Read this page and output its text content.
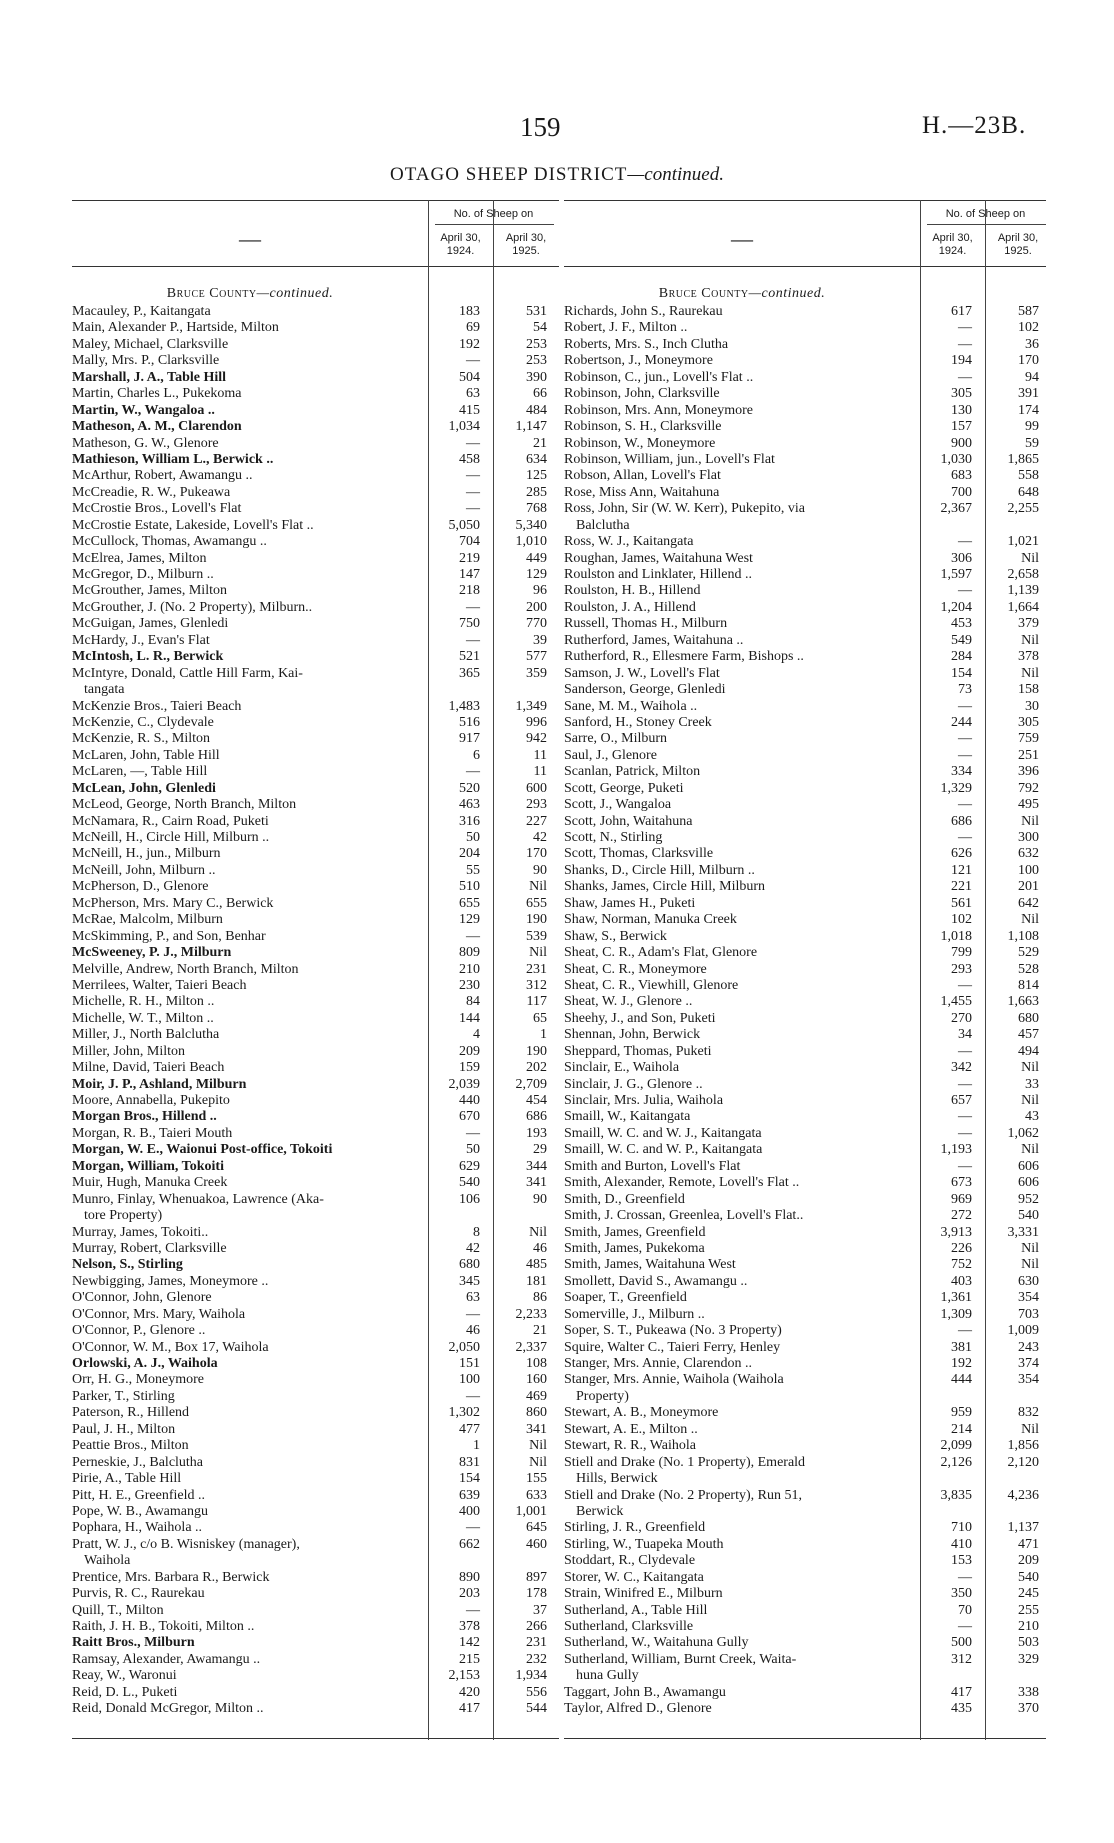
159	H.—23B.
OTAGO SHEEP DISTRICT—continued.
—
No. of Sheep on
April 30, 1924.
April 30, 1925.
Bruce County—continued.
Macauley, P., Kaitangata	183	531
Main, Alexander P., Hartside, Milton	69	54
Maley, Michael, Clarksville	192	253
Mally, Mrs. P., Clarksville	—	253
Marshall, J. A., Table Hill	504	390
Martin, Charles L., Pukekoma	63	66
Martin, W., Wangaloa ..	415	484
Matheson, A. M., Clarendon	1,034	1,147
Matheson, G. W., Glenore	—	21
Mathieson, William L., Berwick ..	458	634
McArthur, Robert, Awamangu ..	—	125
McCreadie, R. W., Pukeawa	—	285
McCrostie Bros., Lovell's Flat	—	768
McCrostie Estate, Lakeside, Lovell's Flat ..	5,050	5,340
McCullock, Thomas, Awamangu ..	704	1,010
McElrea, James, Milton	219	449
McGregor, D., Milburn ..	147	129
McGrouther, James, Milton	218	96
McGrouther, J. (No. 2 Property), Milburn..	—	200
McGuigan, James, Glenledi	750	770
McHardy, J., Evan's Flat	—	39
McIntosh, L. R., Berwick	521	577
McIntyre, Donald, Cattle Hill Farm, Kai-	365	359
tangata
McKenzie Bros., Taieri Beach	1,483	1,349
McKenzie, C., Clydevale	516	996
McKenzie, R. S., Milton	917	942
McLaren, John, Table Hill	6	11
McLaren, —, Table Hill	—	11
McLean, John, Glenledi	520	600
McLeod, George, North Branch, Milton	463	293
McNamara, R., Cairn Road, Puketi	316	227
McNeill, H., Circle Hill, Milburn ..	50	42
McNeill, H., jun., Milburn	204	170
McNeill, John, Milburn ..	55	90
McPherson, D., Glenore	510	Nil
McPherson, Mrs. Mary C., Berwick	655	655
McRae, Malcolm, Milburn	129	190
McSkimming, P., and Son, Benhar	—	539
McSweeney, P. J., Milburn	809	Nil
Melville, Andrew, North Branch, Milton	210	231
Merrilees, Walter, Taieri Beach	230	312
Michelle, R. H., Milton ..	84	117
Michelle, W. T., Milton ..	144	65
Miller, J., North Balclutha	4	1
Miller, John, Milton	209	190
Milne, David, Taieri Beach	159	202
Moir, J. P., Ashland, Milburn	2,039	2,709
Moore, Annabella, Pukepito	440	454
Morgan Bros., Hillend ..	670	686
Morgan, R. B., Taieri Mouth	—	193
Morgan, W. E., Waionui Post-office, Tokoiti	50	29
Morgan, William, Tokoiti	629	344
Muir, Hugh, Manuka Creek	540	341
Munro, Finlay, Whenuakoa, Lawrence (Aka-	106	90
tore Property)
Murray, James, Tokoiti..	8	Nil
Murray, Robert, Clarksville	42	46
Nelson, S., Stirling	680	485
Newbigging, James, Moneymore ..	345	181
O'Connor, John, Glenore	63	86
O'Connor, Mrs. Mary, Waihola	—	2,233
O'Connor, P., Glenore ..	46	21
O'Connor, W. M., Box 17, Waihola	2,050	2,337
Orlowski, A. J., Waihola	151	108
Orr, H. G., Moneymore	100	160
Parker, T., Stirling	—	469
Paterson, R., Hillend	1,302	860
Paul, J. H., Milton	477	341
Peattie Bros., Milton	1	Nil
Perneskie, J., Balclutha	831	Nil
Pirie, A., Table Hill	154	155
Pitt, H. E., Greenfield ..	639	633
Pope, W. B., Awamangu	400	1,001
Pophara, H., Waihola ..	—	645
Pratt, W. J., c/o B. Wisniskey (manager),	662	460
Waihola
Prentice, Mrs. Barbara R., Berwick	890	897
Purvis, R. C., Raurekau	203	178
Quill, T., Milton	—	37
Raith, J. H. B., Tokoiti, Milton ..	378	266
Raitt Bros., Milburn	142	231
Ramsay, Alexander, Awamangu ..	215	232
Reay, W., Waronui	2,153	1,934
Reid, D. L., Puketi	420	556
Reid, Donald McGregor, Milton ..	417	544
—
No. of Sheep on
April 30, 1924.
April 30, 1925.
Bruce County—continued.
Richards, John S., Raurekau	617	587
Robert, J. F., Milton ..	—	102
Roberts, Mrs. S., Inch Clutha	—	36
Robertson, J., Moneymore	194	170
Robinson, C., jun., Lovell's Flat ..	—	94
Robinson, John, Clarksville	305	391
Robinson, Mrs. Ann, Moneymore	130	174
Robinson, S. H., Clarksville	157	99
Robinson, W., Moneymore	900	59
Robinson, William, jun., Lovell's Flat	1,030	1,865
Robson, Allan, Lovell's Flat	683	558
Rose, Miss Ann, Waitahuna	700	648
Ross, John, Sir (W. W. Kerr), Pukepito, via	2,367	2,255
Balclutha
Ross, W. J., Kaitangata	—	1,021
Roughan, James, Waitahuna West	306	Nil
Roulston and Linklater, Hillend ..	1,597	2,658
Roulston, H. B., Hillend	—	1,139
Roulston, J. A., Hillend	1,204	1,664
Russell, Thomas H., Milburn	453	379
Rutherford, James, Waitahuna ..	549	Nil
Rutherford, R., Ellesmere Farm, Bishops ..	284	378
Samson, J. W., Lovell's Flat	154	Nil
Sanderson, George, Glenledi	73	158
Sane, M. M., Waihola ..	—	30
Sanford, H., Stoney Creek	244	305
Sarre, O., Milburn	—	759
Saul, J., Glenore	—	251
Scanlan, Patrick, Milton	334	396
Scott, George, Puketi	1,329	792
Scott, J., Wangaloa	—	495
Scott, John, Waitahuna	686	Nil
Scott, N., Stirling	—	300
Scott, Thomas, Clarksville	626	632
Shanks, D., Circle Hill, Milburn ..	121	100
Shanks, James, Circle Hill, Milburn	221	201
Shaw, James H., Puketi	561	642
Shaw, Norman, Manuka Creek	102	Nil
Shaw, S., Berwick	1,018	1,108
Sheat, C. R., Adam's Flat, Glenore	799	529
Sheat, C. R., Moneymore	293	528
Sheat, C. R., Viewhill, Glenore	—	814
Sheat, W. J., Glenore ..	1,455	1,663
Sheehy, J., and Son, Puketi	270	680
Shennan, John, Berwick	34	457
Sheppard, Thomas, Puketi	—	494
Sinclair, E., Waihola	342	Nil
Sinclair, J. G., Glenore ..	—	33
Sinclair, Mrs. Julia, Waihola	657	Nil
Smaill, W., Kaitangata	—	43
Smaill, W. C. and W. J., Kaitangata	—	1,062
Smaill, W. C. and W. P., Kaitangata	1,193	Nil
Smith and Burton, Lovell's Flat	—	606
Smith, Alexander, Remote, Lovell's Flat ..	673	606
Smith, D., Greenfield	969	952
Smith, J. Crossan, Greenlea, Lovell's Flat..	272	540
Smith, James, Greenfield	3,913	3,331
Smith, James, Pukekoma	226	Nil
Smith, James, Waitahuna West	752	Nil
Smollett, David S., Awamangu ..	403	630
Soaper, T., Greenfield	1,361	354
Somerville, J., Milburn ..	1,309	703
Soper, S. T., Pukeawa (No. 3 Property)	—	1,009
Squire, Walter C., Taieri Ferry, Henley	381	243
Stanger, Mrs. Annie, Clarendon ..	192	374
Stanger, Mrs. Annie, Waihola (Waihola	444	354
Property)
Stewart, A. B., Moneymore	959	832
Stewart, A. E., Milton ..	214	Nil
Stewart, R. R., Waihola	2,099	1,856
Stiell and Drake (No. 1 Property), Emerald	2,126	2,120
Hills, Berwick
Stiell and Drake (No. 2 Property), Run 51,	3,835	4,236
Berwick
Stirling, J. R., Greenfield	710	1,137
Stirling, W., Tuapeka Mouth	410	471
Stoddart, R., Clydevale	153	209
Storer, W. C., Kaitangata	—	540
Strain, Winifred E., Milburn	350	245
Sutherland, A., Table Hill	70	255
Sutherland, Clarksville	—	210
Sutherland, W., Waitahuna Gully	500	503
Sutherland, William, Burnt Creek, Waita-	312	329
huna Gully
Taggart, John B., Awamangu	417	338
Taylor, Alfred D., Glenore	435	370
